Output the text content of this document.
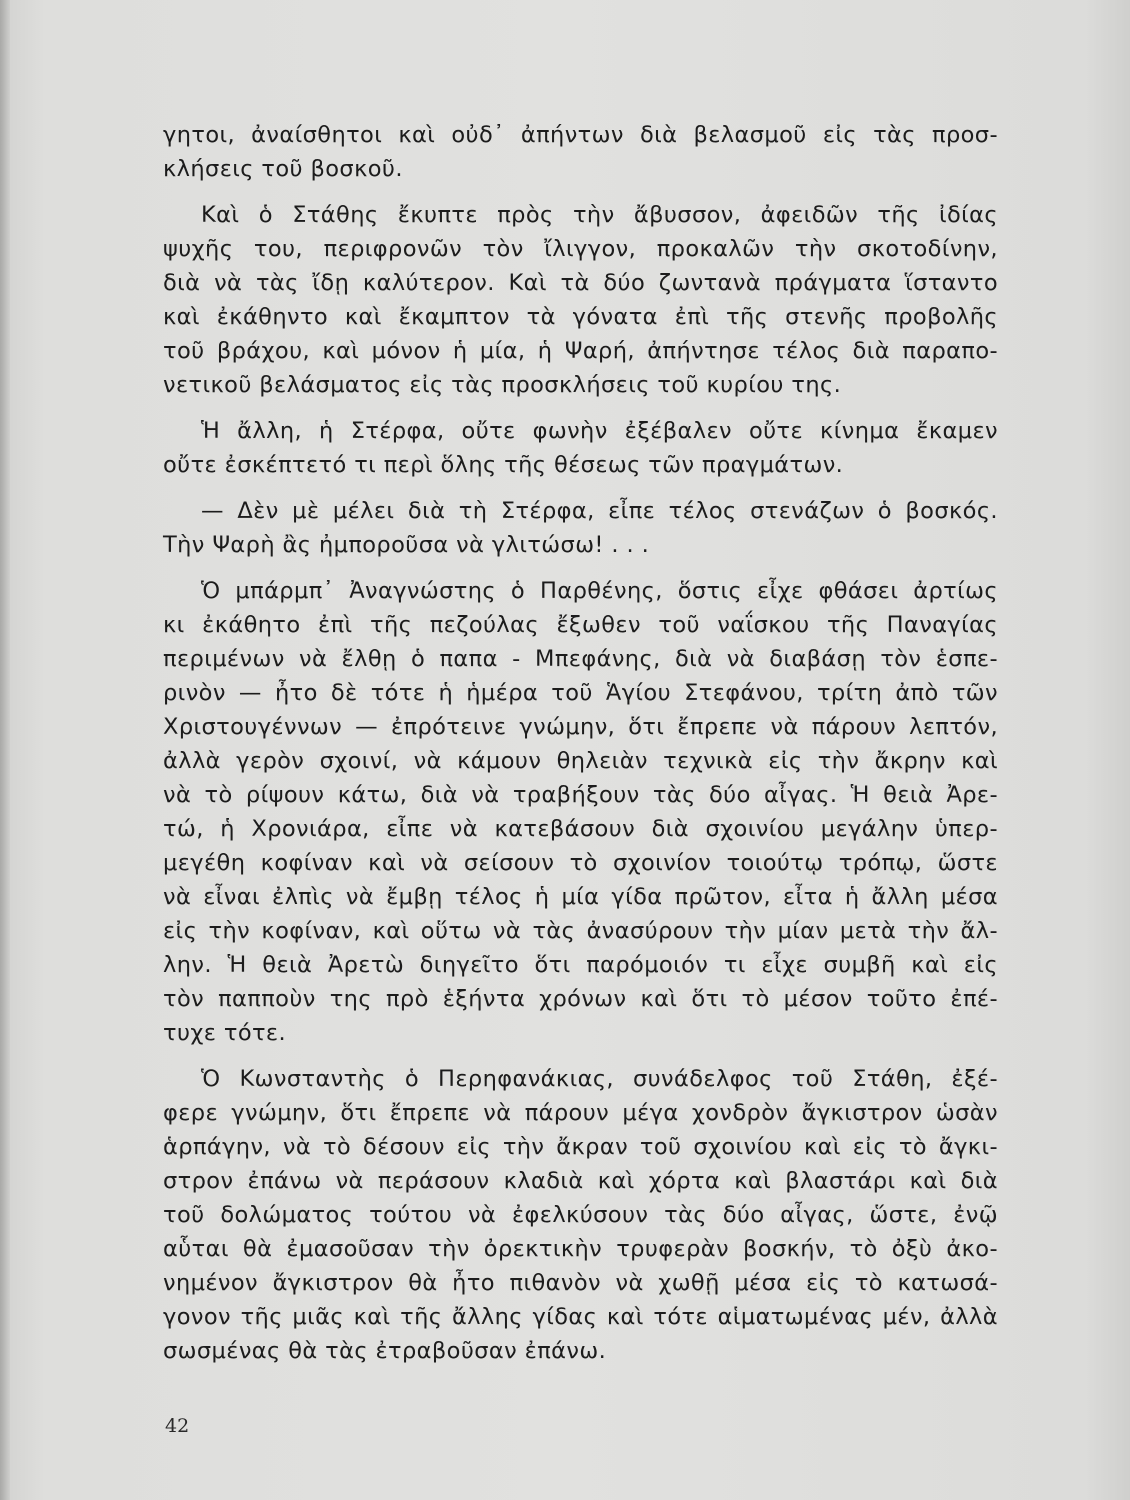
γητοι, ἀναίσθητοι καὶ οὐδ᾽ ἀπήντων διὰ βελασμοῦ εἰς τὰς προσ-
κλήσεις τοῦ βοσκοῦ.
Καὶ ὁ Στάθης ἔκυπτε πρὸς τὴν ἄβυσσον, ἀφειδῶν τῆς ἰδίας
ψυχῆς του, περιφρονῶν τὸν ἴλιγγον, προκαλῶν τὴν σκοτοδίνην,
διὰ νὰ τὰς ἴδῃ καλύτερον. Καὶ τὰ δύο ζωντανὰ πράγματα ἵσταντο
καὶ ἐκάθηντο καὶ ἔκαμπτον τὰ γόνατα ἐπὶ τῆς στενῆς προβολῆς
τοῦ βράχου, καὶ μόνον ἡ μία, ἡ Ψαρή, ἀπήντησε τέλος διὰ παραπο-
νετικοῦ βελάσματος εἰς τὰς προσκλήσεις τοῦ κυρίου της.
Ἡ ἄλλη, ἡ Στέρφα, οὔτε φωνὴν ἐξέβαλεν οὔτε κίνημα ἔκαμεν
οὔτε ἐσκέπτετό τι περὶ ὅλης τῆς θέσεως τῶν πραγμάτων.
— Δὲν μὲ μέλει διὰ τὴ Στέρφα, εἶπε τέλος στενάζων ὁ βοσκός.
Τὴν Ψαρὴ ἂς ἠμποροῦσα νὰ γλιτώσω! . . .
Ὁ μπάρμπ᾽ Ἀναγνώστης ὁ Παρθένης, ὅστις εἶχε φθάσει ἀρτίως
κι ἐκάθητο ἐπὶ τῆς πεζούλας ἔξωθεν τοῦ ναΐσκου τῆς Παναγίας
περιμένων νὰ ἔλθῃ ὁ παπα - Μπεφάνης, διὰ νὰ διαβάσῃ τὸν ἑσπε-
ρινὸν — ἦτο δὲ τότε ἡ ἡμέρα τοῦ Ἁγίου Στεφάνου, τρίτη ἀπὸ τῶν
Χριστουγέννων — ἐπρότεινε γνώμην, ὅτι ἔπρεπε νὰ πάρουν λεπτόν,
ἀλλὰ γερὸν σχοινί, νὰ κάμουν θηλειὰν τεχνικὰ εἰς τὴν ἄκρην καὶ
νὰ τὸ ρίψουν κάτω, διὰ νὰ τραβήξουν τὰς δύο αἶγας. Ἡ θειὰ Ἀρε-
τώ, ἡ Χρονιάρα, εἶπε νὰ κατεβάσουν διὰ σχοινίου μεγάλην ὑπερ-
μεγέθη κοφίναν καὶ νὰ σείσουν τὸ σχοινίον τοιούτῳ τρόπῳ, ὥστε
νὰ εἶναι ἐλπὶς νὰ ἔμβῃ τέλος ἡ μία γίδα πρῶτον, εἶτα ἡ ἄλλη μέσα
εἰς τὴν κοφίναν, καὶ οὕτω νὰ τὰς ἀνασύρουν τὴν μίαν μετὰ τὴν ἄλ-
λην. Ἡ θειὰ Ἀρετὼ διηγεῖτο ὅτι παρόμοιόν τι εἶχε συμβῆ καὶ εἰς
τὸν παπποὺν της πρὸ ἑξήντα χρόνων καὶ ὅτι τὸ μέσον τοῦτο ἐπέ-
τυχε τότε.
Ὁ Κωνσταντὴς ὁ Περηφανάκιας, συνάδελφος τοῦ Στάθη, ἐξέ-
φερε γνώμην, ὅτι ἔπρεπε νὰ πάρουν μέγα χονδρὸν ἄγκιστρον ὡσὰν
ἁρπάγην, νὰ τὸ δέσουν εἰς τὴν ἄκραν τοῦ σχοινίου καὶ εἰς τὸ ἄγκι-
στρον ἐπάνω νὰ περάσουν κλαδιὰ καὶ χόρτα καὶ βλαστάρι καὶ διὰ
τοῦ δολώματος τούτου νὰ ἐφελκύσουν τὰς δύο αἶγας, ὥστε, ἐνῷ
αὗται θὰ ἐμασοῦσαν τὴν ὀρεκτικὴν τρυφερὰν βοσκήν, τὸ ὀξὺ ἀκο-
νημένον ἄγκιστρον θὰ ἦτο πιθανὸν νὰ χωθῇ μέσα εἰς τὸ κατωσά-
γονον τῆς μιᾶς καὶ τῆς ἄλλης γίδας καὶ τότε αἱματωμένας μέν, ἀλλὰ
σωσμένας θὰ τὰς ἐτραβοῦσαν ἐπάνω.
42
